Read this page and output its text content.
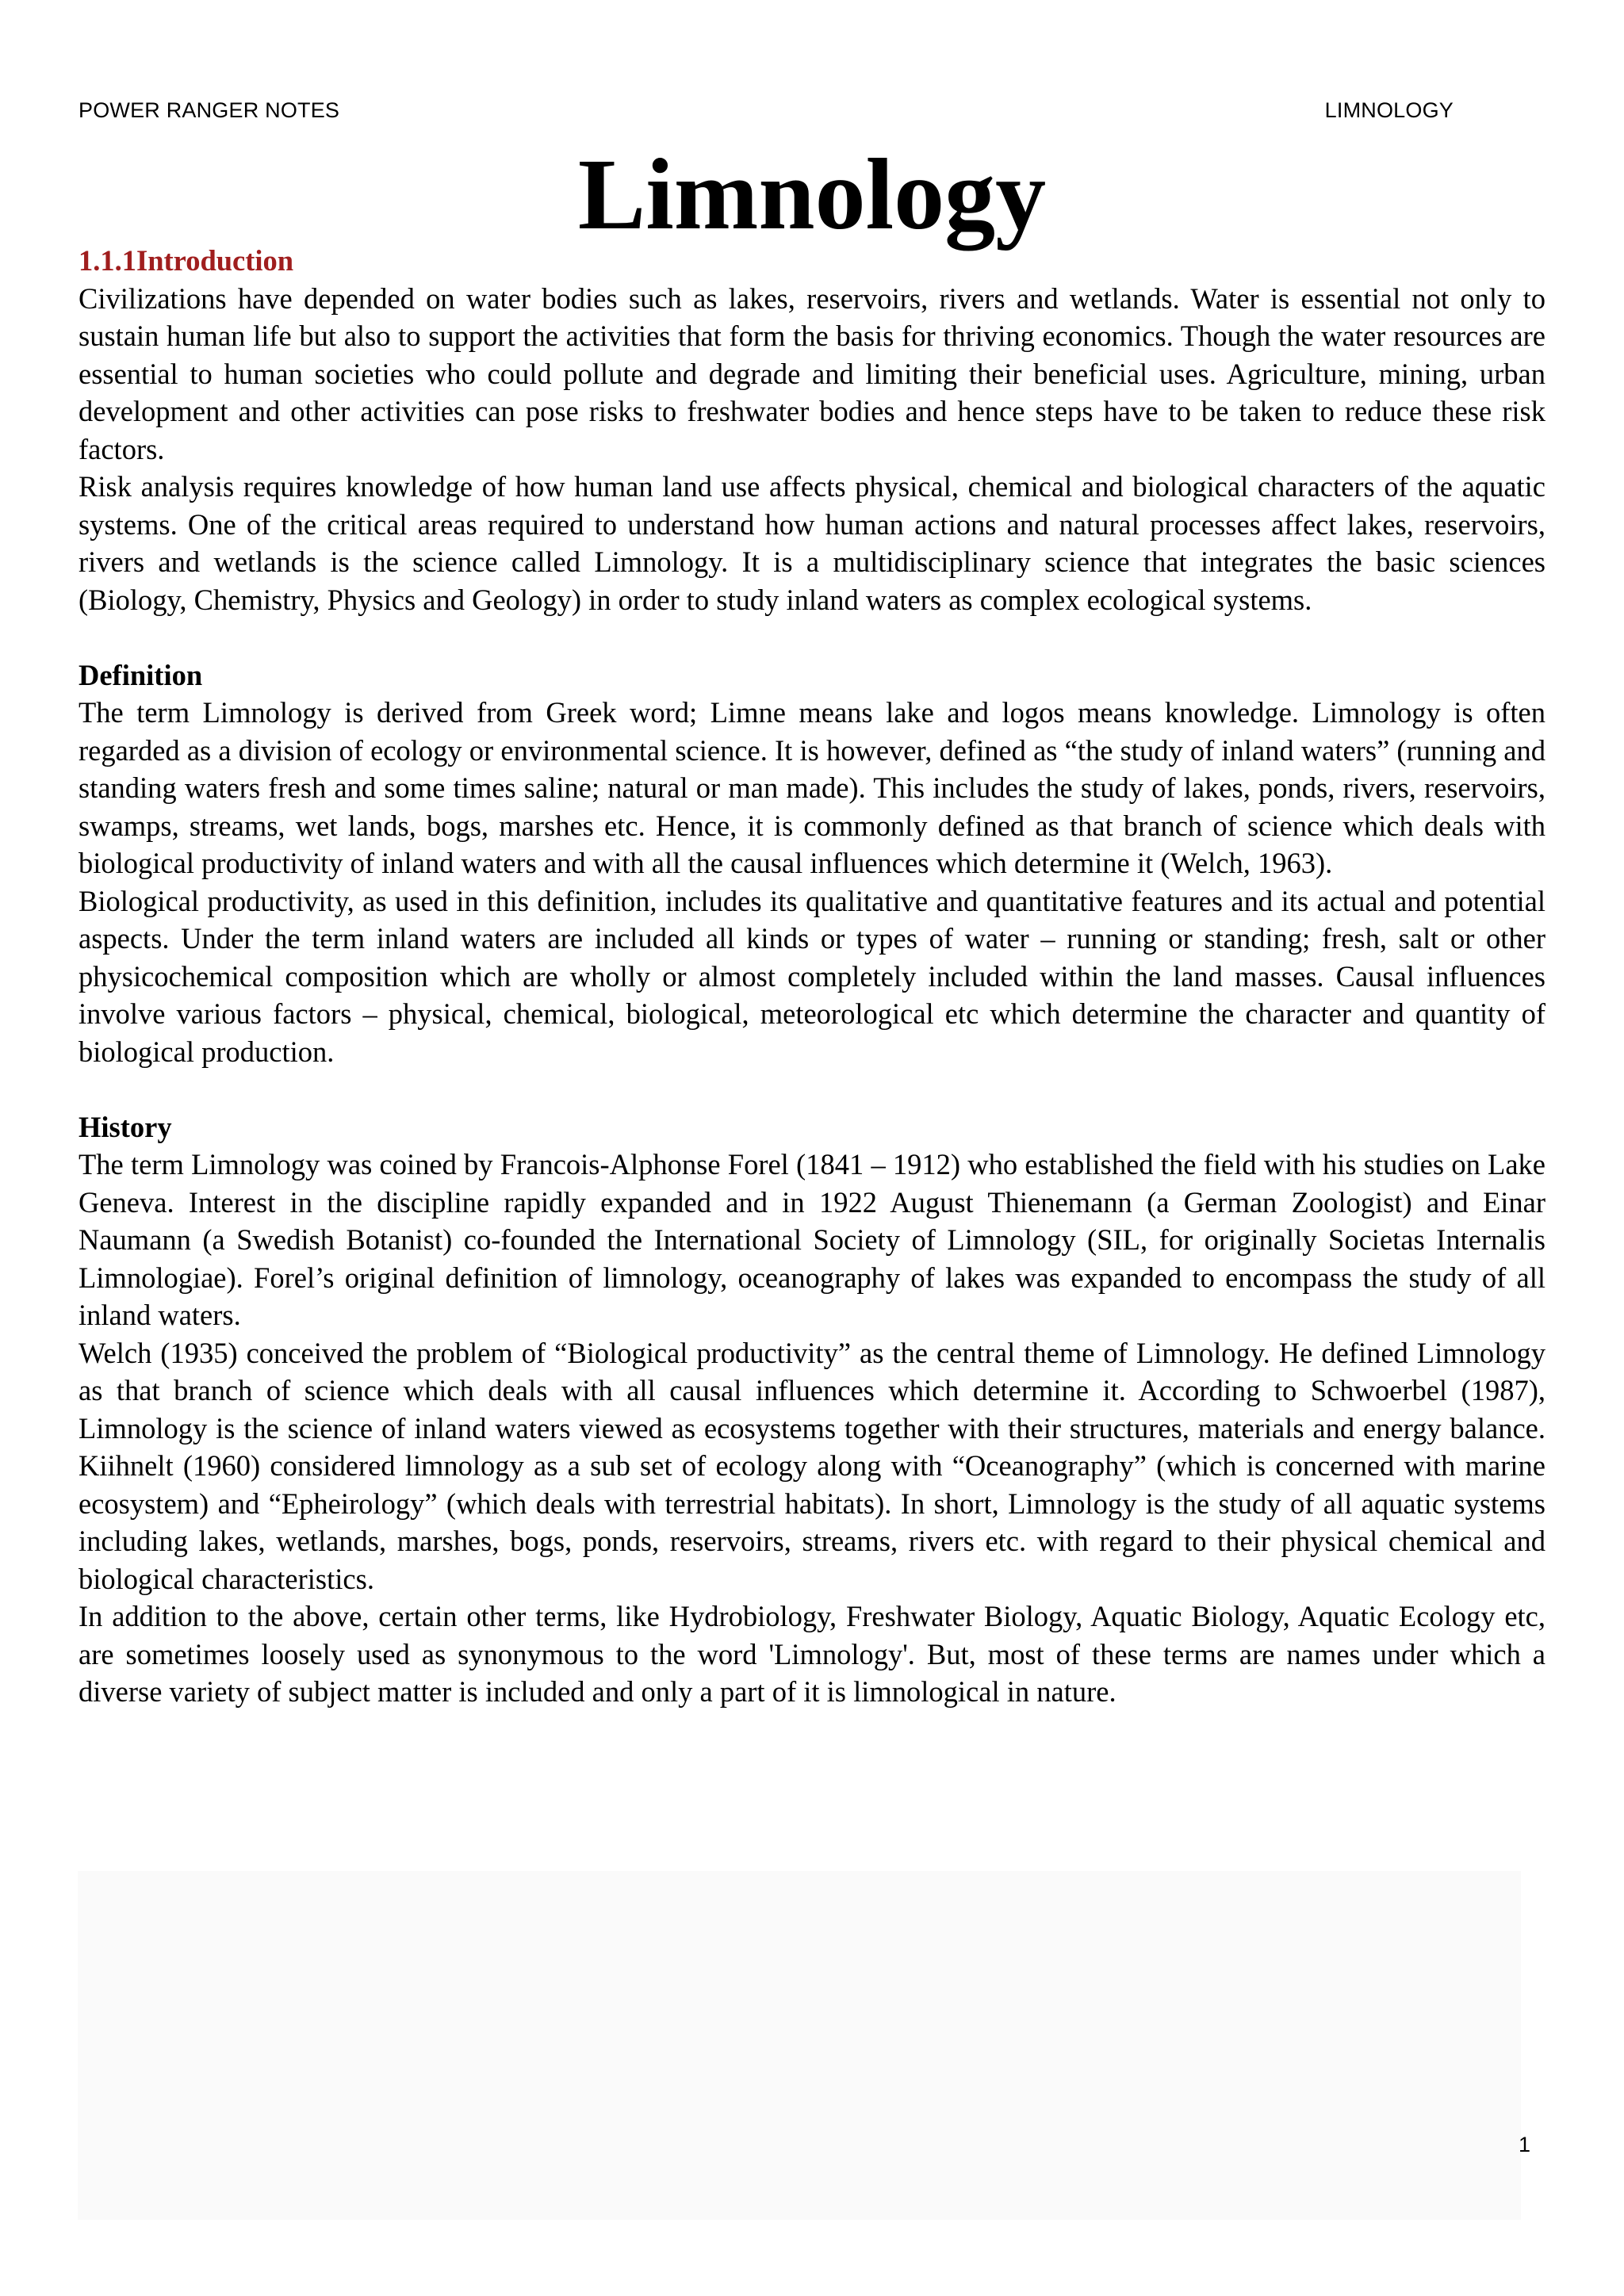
POWER RANGER NOTES	LIMNOLOGY
Limnology
1.1.1Introduction

Civilizations have depended on water bodies such as lakes, reservoirs, rivers and wetlands. Water is essential not only to sustain human life but also to support the activities that form the basis for thriving economics. Though the water resources are essential to human societies who could pollute and degrade and limiting their beneficial uses. Agriculture, mining, urban development and other activities can pose risks to freshwater bodies and hence steps have to be taken to reduce these risk factors.

Risk analysis requires knowledge of how human land use affects physical, chemical and biological characters of the aquatic systems. One of the critical areas required to understand how human actions and natural processes affect lakes, reservoirs, rivers and wetlands is the science called Limnology. It is a multidisciplinary science that integrates the basic sciences (Biology, Chemistry, Physics and Geology) in order to study inland waters as complex ecological systems.

Definition

The term Limnology is derived from Greek word; Limne means lake and logos means knowledge. Limnology is often regarded as a division of ecology or environmental science. It is however, defined as “the study of inland waters” (running and standing waters fresh and some times saline; natural or man made). This includes the study of lakes, ponds, rivers, reservoirs, swamps, streams, wet lands, bogs, marshes etc. Hence, it is commonly defined as that branch of science which deals with biological productivity of inland waters and with all the causal influences which determine it (Welch, 1963).

Biological productivity, as used in this definition, includes its qualitative and quantitative features and its actual and potential aspects. Under the term inland waters are included all kinds or types of water – running or standing; fresh, salt or other physicochemical composition which are wholly or almost completely included within the land masses. Causal influences involve various factors – physical, chemical, biological, meteorological etc which determine the character and quantity of biological production.

History

The term Limnology was coined by Francois-Alphonse Forel (1841 – 1912) who established the field with his studies on Lake Geneva. Interest in the discipline rapidly expanded and in 1922 August Thienemann (a German Zoologist) and Einar Naumann (a Swedish Botanist) co-founded the International Society of Limnology (SIL, for originally Societas Internalis Limnologiae). Forel’s original definition of limnology, oceanography of lakes was expanded to encompass the study of all inland waters.

Welch (1935) conceived the problem of “Biological productivity” as the central theme of Limnology. He defined Limnology as that branch of science which deals with all causal influences which determine it. According to Schwoerbel (1987), Limnology is the science of inland waters viewed as ecosystems together with their structures, materials and energy balance. Kiihnelt (1960) considered limnology as a sub set of ecology along with “Oceanography” (which is concerned with marine ecosystem) and “Epheirology” (which deals with terrestrial habitats). In short, Limnology is the study of all aquatic systems including lakes, wetlands, marshes, bogs, ponds, reservoirs, streams, rivers etc. with regard to their physical chemical and biological characteristics.

In addition to the above, certain other terms, like Hydrobiology, Freshwater Biology, Aquatic Biology, Aquatic Ecology etc, are sometimes loosely used as synonymous to the word 'Limnology'. But, most of these terms are names under which a diverse variety of subject matter is included and only a part of it is limnological in nature.

1
